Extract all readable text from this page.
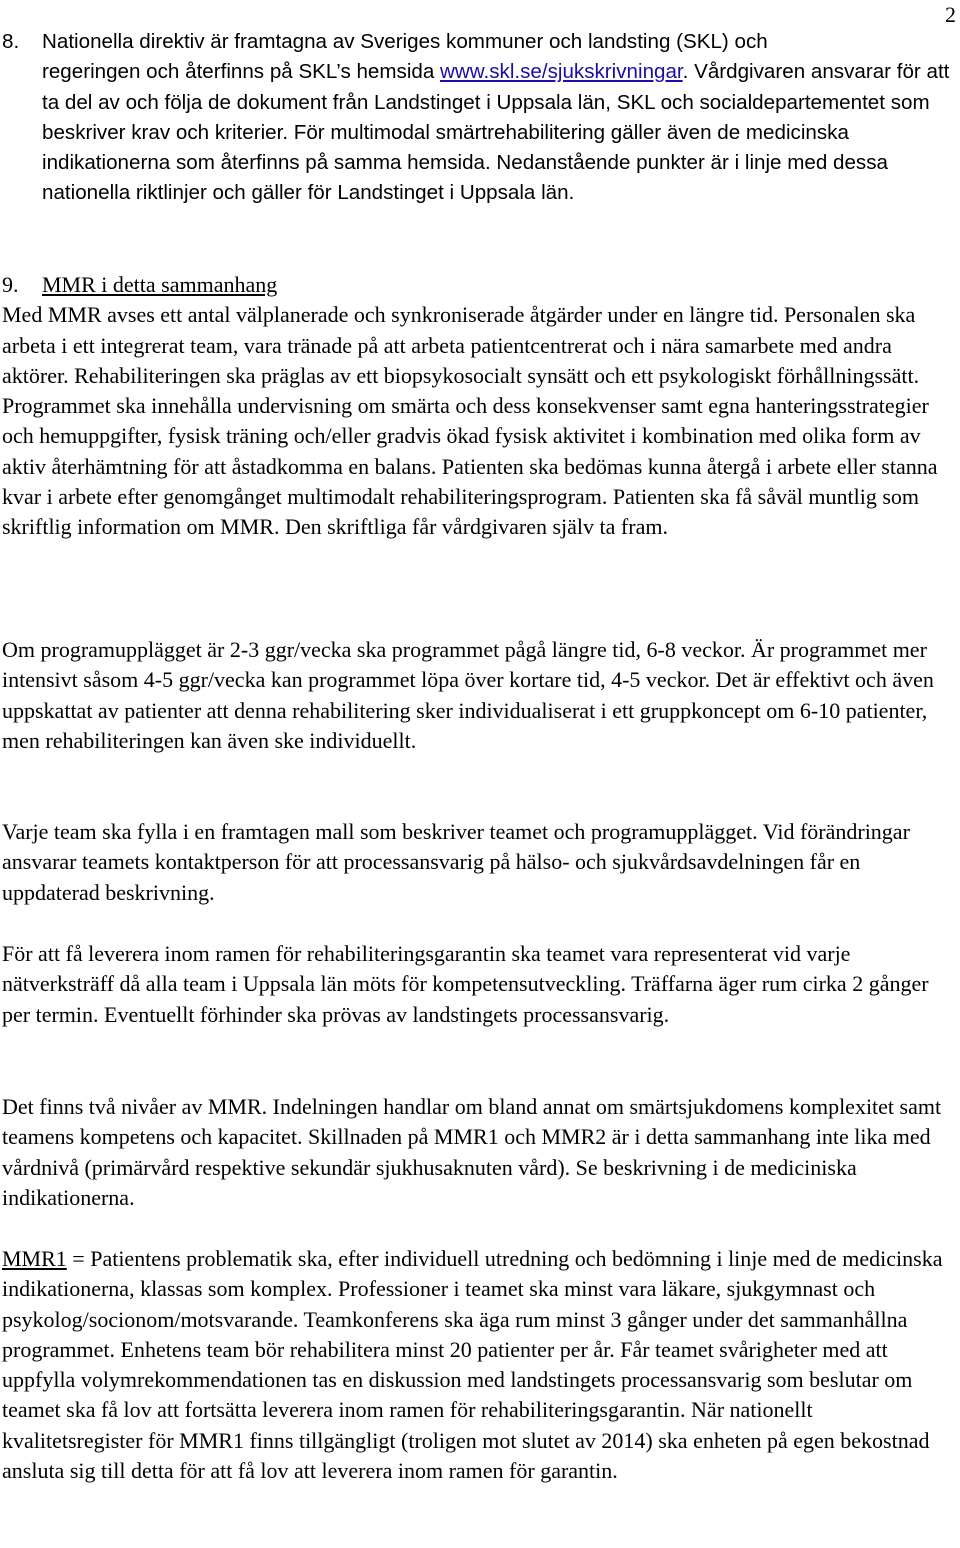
2
8. Nationella direktiv är framtagna av Sveriges kommuner och landsting (SKL) och
regeringen och återfinns på SKL’s hemsida www.skl.se/sjukskrivningar. Vårdgivaren ansvarar för att ta del av och följa de dokument från Landstinget i Uppsala län, SKL och socialdepartementet som beskriver krav och kriterier. För multimodal smärtrehabilitering gäller även de medicinska indikationerna som återfinns på samma hemsida. Nedanstående punkter är i linje med dessa nationella riktlinjer och gäller för Landstinget i Uppsala län.
9. MMR i detta sammanhang

Med MMR avses ett antal välplanerade och synkroniserade åtgärder under en längre tid. Personalen ska arbeta i ett integrerat team, vara tränade på att arbeta patientcentrerat och i nära samarbete med andra aktörer. Rehabiliteringen ska präglas av ett biopsykosocialt synsätt och ett psykologiskt förhållningssätt. Programmet ska innehålla undervisning om smärta och dess konsekvenser samt egna hanteringsstrategier och hemuppgifter, fysisk träning och/eller gradvis ökad fysisk aktivitet i kombination med olika form av aktiv återhämtning för att åstadkomma en balans. Patienten ska bedömas kunna återgå i arbete eller stanna kvar i arbete efter genomgånget multimodalt rehabiliteringsprogram. Patienten ska få såväl muntlig som skriftlig information om MMR. Den skriftliga får vårdgivaren själv ta fram.

Om programupplägget är 2-3 ggr/vecka ska programmet pågå längre tid, 6-8 veckor. Är programmet mer intensivt såsom 4-5 ggr/vecka kan programmet löpa över kortare tid, 4-5 veckor. Det är effektivt och även uppskattat av patienter att denna rehabilitering sker individualiserat i ett gruppkoncept om 6-10 patienter, men rehabiliteringen kan även ske individuellt.

Varje team ska fylla i en framtagen mall som beskriver teamet och programupplägget. Vid förändringar ansvarar teamets kontaktperson för att processansvarig på hälso- och sjukvårdsavdelningen får en uppdaterad beskrivning.

För att få leverera inom ramen för rehabiliteringsgarantin ska teamet vara representerat vid varje nätverksträff då alla team i Uppsala län möts för kompetensutveckling. Träffarna äger rum cirka 2 gånger per termin. Eventuellt förhinder ska prövas av landstingets processansvarig.

Det finns två nivåer av MMR. Indelningen handlar om bland annat om smärtsjukdomens komplexitet samt teamens kompetens och kapacitet. Skillnaden på MMR1 och MMR2 är i detta sammanhang inte lika med vårdnivå (primärvård respektive sekundär sjukhusaknuten vård). Se beskrivning i de mediciniska indikationerna.

MMR1 = Patientens problematik ska, efter individuell utredning och bedömning i linje med de medicinska indikationerna, klassas som komplex. Professioner i teamet ska minst vara läkare, sjukgymnast och psykolog/socionom/motsvarande. Teamkonferens ska äga rum minst 3 gånger under det sammanhållna programmet. Enhetens team bör rehabilitera minst 20 patienter per år. Får teamet svårigheter med att uppfylla volymrekommendationen tas en diskussion med landstingets processansvarig som beslutar om teamet ska få lov att fortsätta leverera inom ramen för rehabiliteringsgarantin. När nationellt kvalitetsregister för MMR1 finns tillgängligt (troligen mot slutet av 2014) ska enheten på egen bekostnad ansluta sig till detta för att få lov att leverera inom ramen för garantin.
